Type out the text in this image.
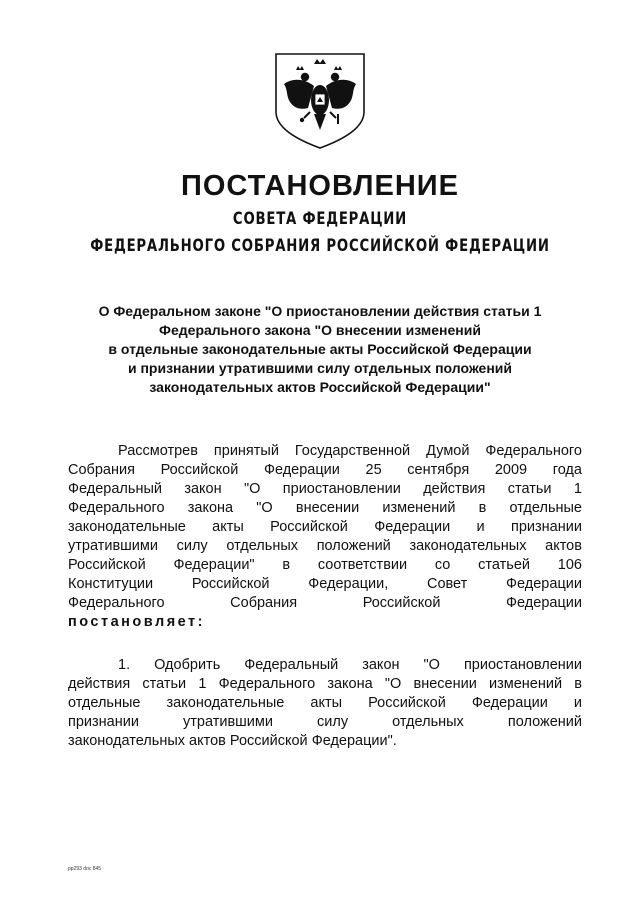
ПОСТАНОВЛЕНИЕ
СОВЕТА ФЕДЕРАЦИИ
ФЕДЕРАЛЬНОГО СОБРАНИЯ РОССИЙСКОЙ ФЕДЕРАЦИИ
О Федеральном законе "О приостановлении действия статьи 1
Федерального закона "О внесении изменений
в отдельные законодательные акты Российской Федерации
и признании утратившими силу отдельных положений
законодательных актов Российской Федерации"
Рассмотрев принятый Государственной Думой Федерального
Собрания Российской Федерации 25 сентября 2009 года
Федеральный закон "О приостановлении действия статьи 1
Федерального закона "О внесении изменений в отдельные
законодательные акты Российской Федерации и признании
утратившими силу отдельных положений законодательных актов
Российской Федерации" в соответствии со статьей 106
Конституции	Российской	Федерации,	Совет	Федерации
Федерального	Собрания	Российской	Федерации
постановляет:
1. Одобрить Федеральный закон "О приостановлении
действия статьи 1 Федерального закона "О внесении изменений в
отдельные законодательные акты Российской Федерации и
признании	утратившими	силу	отдельных	положений
законодательных актов Российской Федерации".
pp293 doc 845
